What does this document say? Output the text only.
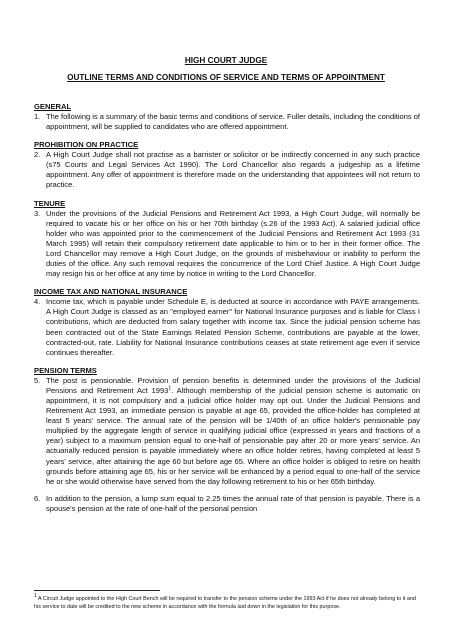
HIGH COURT JUDGE

OUTLINE TERMS AND CONDITIONS OF SERVICE AND TERMS OF APPOINTMENT

GENERAL

1. The following is a summary of the basic terms and conditions of service. Fuller details, including the conditions of appointment, will be supplied to candidates who are offered appointment.

PROHIBITION ON PRACTICE

2. A High Court Judge shall not practise as a barrister or solicitor or be indirectly concerned in any such practice (s75 Courts and Legal Services Act 1990). The Lord Chancellor also regards a judgeship as a lifetime appointment. Any offer of appointment is therefore made on the understanding that appointees will not return to practice.

TENURE

3. Under the provisions of the Judicial Pensions and Retirement Act 1993, a High Court Judge, will normally be required to vacate his or her office on his or her 70th birthday (s.26 of the 1993 Act). A salaried judicial office holder who was appointed prior to the commencement of the Judicial Pensions and Retirement Act 1993 (31 March 1995) will retain their compulsory retirement date applicable to him or to her in their former office. The Lord Chancellor may remove a High Court Judge, on the grounds of misbehaviour or inability to perform the duties of the office. Any such removal requires the concurrence of the Lord Chief Justice. A High Court Judge may resign his or her office at any time by notice in writing to the Lord Chancellor.

INCOME TAX AND NATIONAL INSURANCE

4. Income tax, which is payable under Schedule E, is deducted at source in accordance with PAYE arrangements. A High Court Judge is classed as an "employed earner" for National Insurance purposes and is liable for Class I contributions, which are deducted from salary together with income tax. Since the judicial pension scheme has been contracted out of the State Earnings Related Pension Scheme, contributions are payable at the lower, contracted-out, rate. Liability for National Insurance contributions ceases at state retirement age even if service continues thereafter.

PENSION TERMS

5. The post is pensionable. Provision of pension benefits is determined under the provisions of the Judicial Pensions and Retirement Act 1993$^1$. Although membership of the judicial pension scheme is automatic on appointment, it is not compulsory and a judicial office holder may opt out. Under the Judicial Pensions and Retirement Act 1993, an immediate pension is payable at age 65, provided the office-holder has completed at least 5 years' service. The annual rate of the pension will be 1/40th of an office holder's pensionable pay multiplied by the aggregate length of service in qualifying judicial office (expressed in years and fractions of a year) subject to a maximum pension equal to one-half of pensionable pay after 20 or more years' service. An actuarially reduced pension is payable immediately where an office holder retires, having completed at least 5 years' service, after attaining the age 60 but before age 65. Where an office holder is obliged to retire on health grounds before attaining age 65, his or her service will be enhanced by a period equal to one-half of the service he or she would otherwise have served from the day following retirement to his or her 65th birthday.
6. In addition to the pension, a lump sum equal to 2.25 times the annual rate of that pension is payable. There is a spouse's pension at the rate of one-half of the personal pension

$^1$ A Circuit Judge appointed to the High Court Bench will be required to transfer to the pension scheme under the 1993 Act if he does not already belong to it and his service to date will be credited to the new scheme in accordance with the formula laid down in the legislation for this purpose.
